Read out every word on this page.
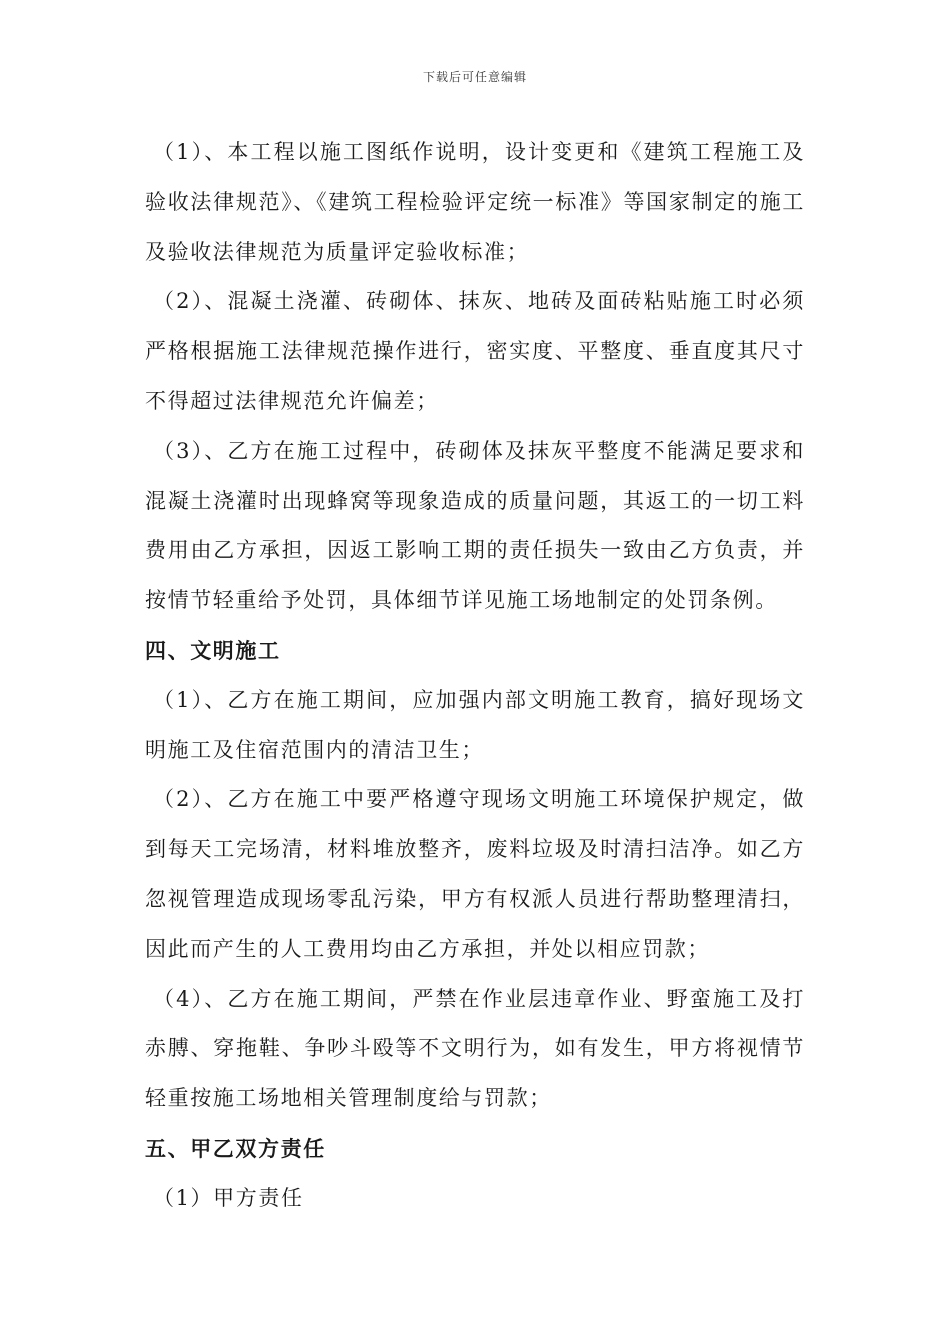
下载后可任意编辑

（1）、本工程以施工图纸作说明，设计变更和《建筑工程施工及验收法律规范》、《建筑工程检验评定统一标准》等国家制定的施工及验收法律规范为质量评定验收标准；

（2）、混凝土浇灌、砖砌体、抹灰、地砖及面砖粘贴施工时必须严格根据施工法律规范操作进行，密实度、平整度、垂直度其尺寸不得超过法律规范允许偏差；

（3）、乙方在施工过程中，砖砌体及抹灰平整度不能满足要求和混凝土浇灌时出现蜂窝等现象造成的质量问题，其返工的一切工料费用由乙方承担，因返工影响工期的责任损失一致由乙方负责，并按情节轻重给予处罚，具体细节详见施工场地制定的处罚条例。

四、文明施工

（1）、乙方在施工期间，应加强内部文明施工教育，搞好现场文明施工及住宿范围内的清洁卫生；

（2）、乙方在施工中要严格遵守现场文明施工环境保护规定，做到每天工完场清，材料堆放整齐，废料垃圾及时清扫洁净。如乙方忽视管理造成现场零乱污染，甲方有权派人员进行帮助整理清扫，因此而产生的人工费用均由乙方承担，并处以相应罚款；

（4）、乙方在施工期间，严禁在作业层违章作业、野蛮施工及打赤膊、穿拖鞋、争吵斗殴等不文明行为，如有发生，甲方将视情节轻重按施工场地相关管理制度给与罚款；

五、甲乙双方责任

（1）甲方责任
